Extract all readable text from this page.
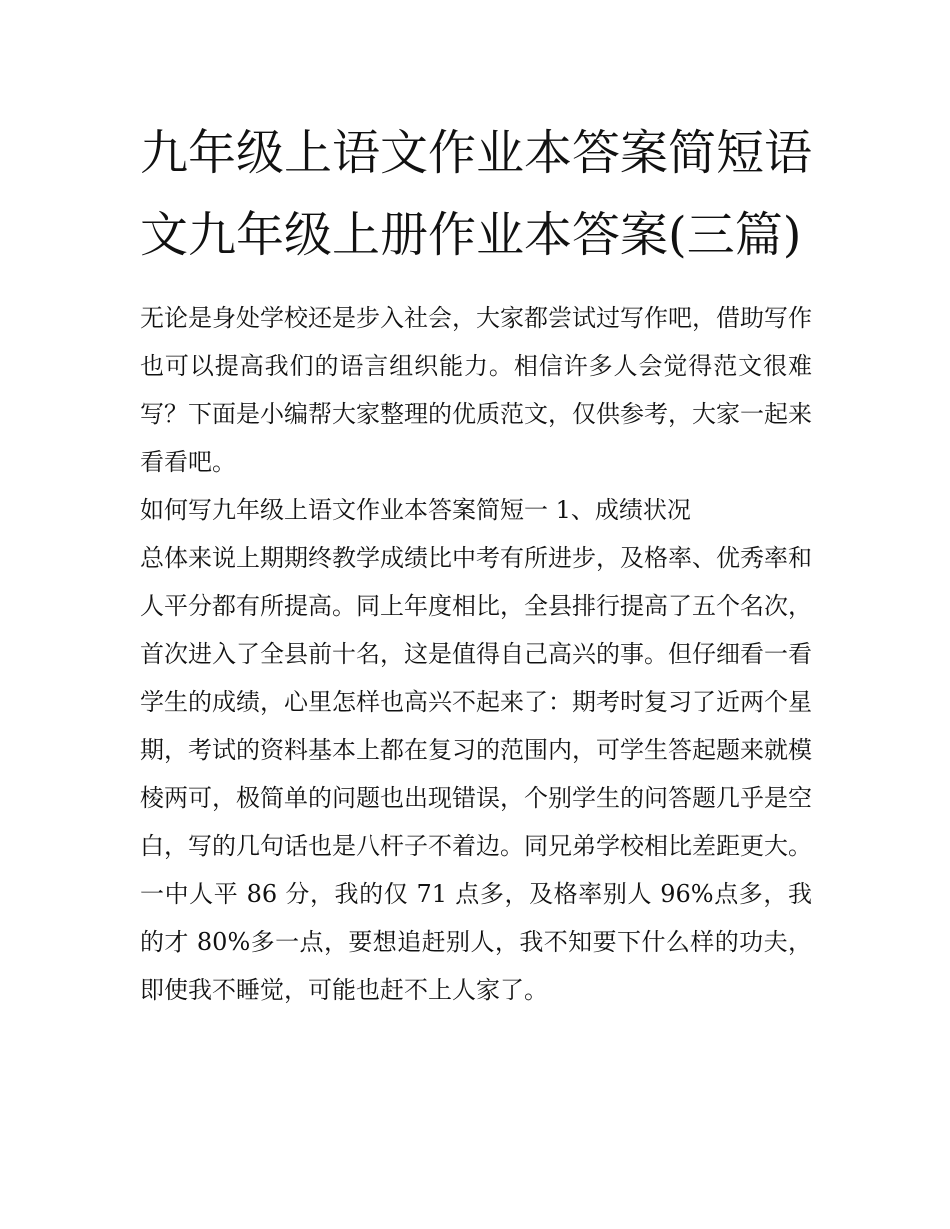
九年级上语文作业本答案简短语文九年级上册作业本答案(三篇)

无论是身处学校还是步入社会，大家都尝试过写作吧，借助写作也可以提高我们的语言组织能力。相信许多人会觉得范文很难写？下面是小编帮大家整理的优质范文，仅供参考，大家一起来看看吧。

如何写九年级上语文作业本答案简短一 1、成绩状况

总体来说上期期终教学成绩比中考有所进步，及格率、优秀率和人平分都有所提高。同上年度相比，全县排行提高了五个名次，首次进入了全县前十名，这是值得自己高兴的事。但仔细看一看学生的成绩，心里怎样也高兴不起来了：期考时复习了近两个星期，考试的资料基本上都在复习的范围内，可学生答起题来就模棱两可，极简单的问题也出现错误，个别学生的问答题几乎是空白，写的几句话也是八杆子不着边。同兄弟学校相比差距更大。一中人平 86 分，我的仅 71 点多，及格率别人 96%点多，我的才 80%多一点，要想追赶别人，我不知要下什么样的功夫，即使我不睡觉，可能也赶不上人家了。
